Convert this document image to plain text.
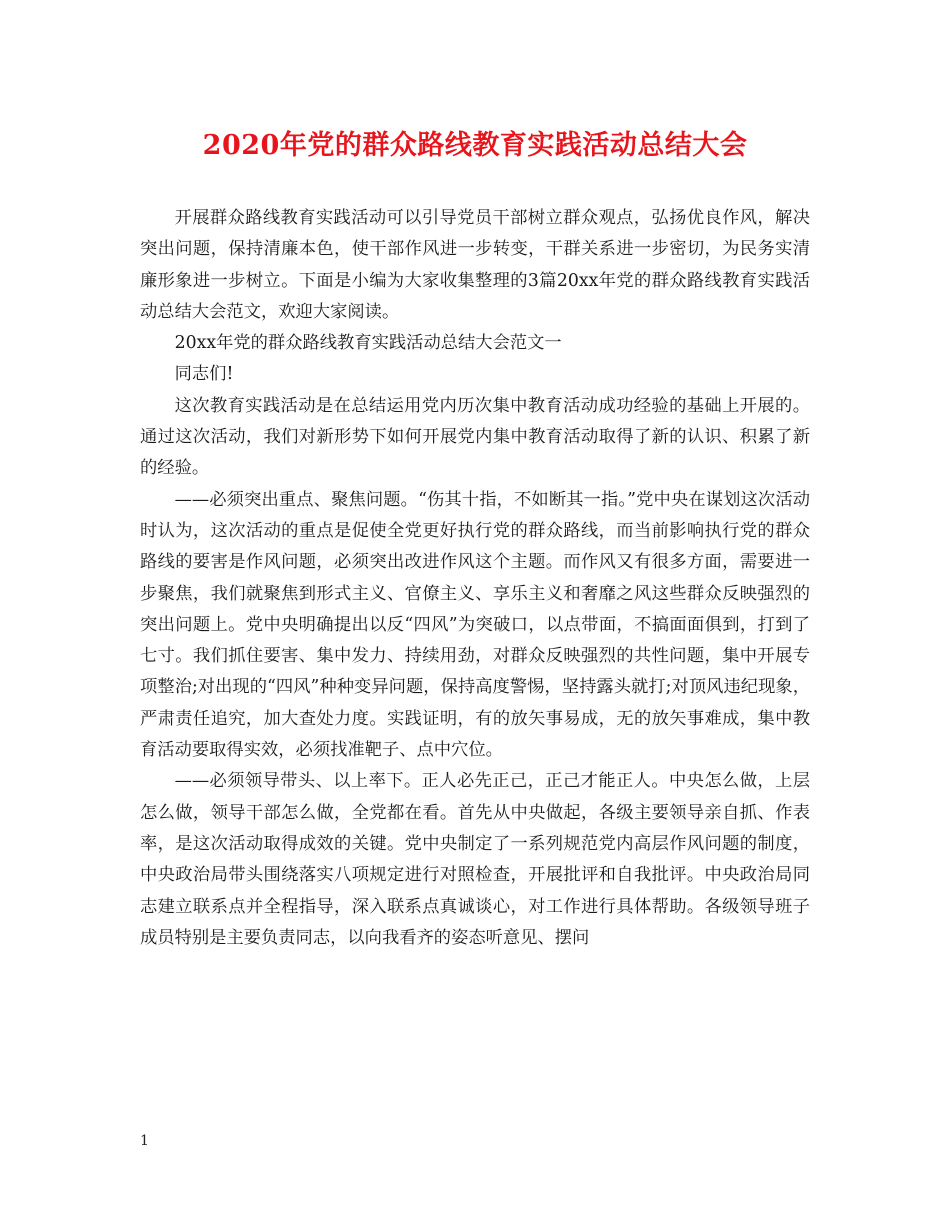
2020年党的群众路线教育实践活动总结大会

开展群众路线教育实践活动可以引导党员干部树立群众观点，弘扬优良作风，解决突出问题，保持清廉本色，使干部作风进一步转变，干群关系进一步密切，为民务实清廉形象进一步树立。下面是小编为大家收集整理的3篇20xx年党的群众路线教育实践活动总结大会范文，欢迎大家阅读。

20xx年党的群众路线教育实践活动总结大会范文一

同志们!

这次教育实践活动是在总结运用党内历次集中教育活动成功经验的基础上开展的。通过这次活动，我们对新形势下如何开展党内集中教育活动取得了新的认识、积累了新的经验。

——必须突出重点、聚焦问题。“伤其十指，不如断其一指。”党中央在谋划这次活动时认为，这次活动的重点是促使全党更好执行党的群众路线，而当前影响执行党的群众路线的要害是作风问题，必须突出改进作风这个主题。而作风又有很多方面，需要进一步聚焦，我们就聚焦到形式主义、官僚主义、享乐主义和奢靡之风这些群众反映强烈的突出问题上。党中央明确提出以反“四风”为突破口，以点带面，不搞面面俱到，打到了七寸。我们抓住要害、集中发力、持续用劲，对群众反映强烈的共性问题，集中开展专项整治;对出现的“四风”种种变异问题，保持高度警惕，坚持露头就打;对顶风违纪现象，严肃责任追究，加大查处力度。实践证明，有的放矢事易成，无的放矢事难成，集中教育活动要取得实效，必须找准靶子、点中穴位。

——必须领导带头、以上率下。正人必先正己，正己才能正人。中央怎么做，上层怎么做，领导干部怎么做，全党都在看。首先从中央做起，各级主要领导亲自抓、作表率，是这次活动取得成效的关键。党中央制定了一系列规范党内高层作风问题的制度，中央政治局带头围绕落实八项规定进行对照检查，开展批评和自我批评。中央政治局同志建立联系点并全程指导，深入联系点真诚谈心，对工作进行具体帮助。各级领导班子成员特别是主要负责同志，以向我看齐的姿态听意见、摆问

1
